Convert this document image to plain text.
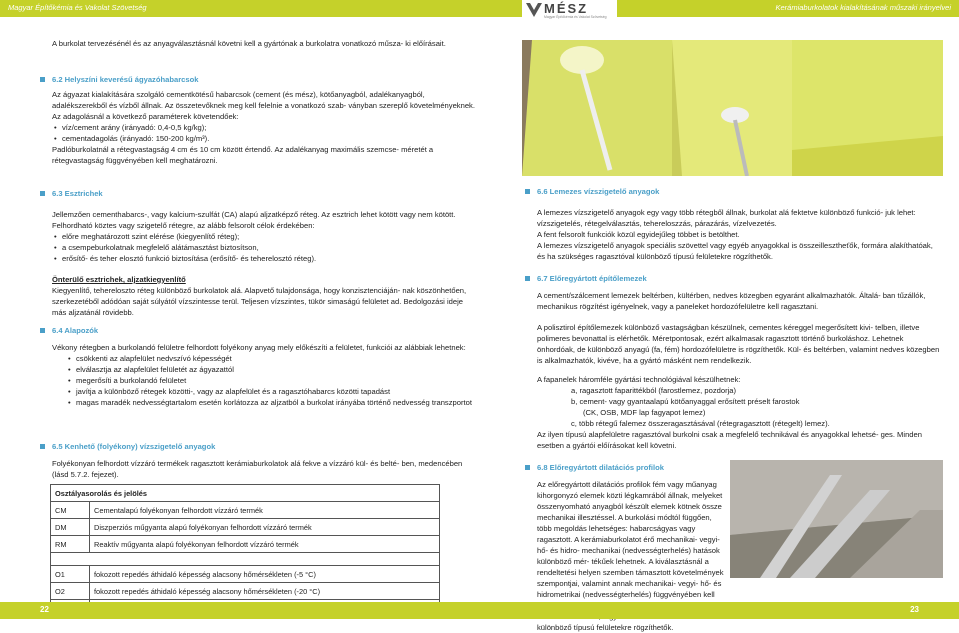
Magyar Építőkémia és Vakolat Szövetség	Kerámiaburkolatok kialakításának műszaki irányelvei
MÉSZ
Magyar Építőkémia és Vakolat Szövetség

A burkolat tervezésénél és az anyagválasztásnál követni kell a gyártónak a burkolatra vonatkozó műsza- ki előírásait.

6.2 Helyszíni keverésű ágyazóhabarcsok

Az ágyazat kialakítására szolgáló cementkötésű habarcsok (cement (és mész), kötőanyagból, adalékanyagból, adalékszerekből és vízből állnak. Az összetevőknek meg kell felelnie a vonatkozó szab- ványban szereplő követelményeknek.

Az adagolásnál a következő paraméterek követendőek:

• víz/cement arány (irányadó: 0,4-0,5 kg/kg);

• cementadagolás (irányadó: 150-200 kg/m³).

Padlóburkolatnál a rétegvastagság 4 cm és 10 cm között értendő. Az adalékanyag maximális szemcse- méretét a rétegvastagság függvényében kell meghatározni.

6.3 Esztrichek

Jellemzően cementhabarcs-, vagy kalcium-szulfát (CA) alapú aljzatképző réteg. Az esztrich lehet kötött vagy nem kötött. Felhordható köztes vagy szigetelő rétegre, az alább felsorolt célok érdekében:

• előre meghatározott szint elérése (kiegyenlítő réteg);

• a csempeburkolatnak megfelelő alátámasztást biztosítson,

• erősítő- és teher elosztó funkció biztosítása (erősítő- és teherelosztó réteg).

Önterülő esztrichek, aljzatkiegyenlítő

Kiegyenlítő, tehereloszto réteg különböző burkolatok alá. Alapvető tulajdonsága, hogy konzisztenciáján- nak köszönhetően, szerkezetéből adódóan saját súlyától vízszintesse terül. Teljesen vízszintes, tükör simaságú felületet ad. Bedolgozási ideje más aljzatánál rövidebb.

6.4 Alapozók

Vékony rétegben a burkolandó felületre felhordott folyékony anyag mely előkészíti a felületet, funkciói az alábbiak lehetnek:

• csökkenti az alapfelület nedvszívó képességét

• elválasztja az alapfelület felületét az ágyazattól

• megerősíti a burkolandó felületet

• javítja a különböző rétegek közötti-, vagy az alapfelület és a ragasztóhabarcs közötti tapadást

• magas maradék nedvességtartalom esetén korlátozza az aljzatból a burkolat irányába történő nedvesség transzportot

6.5 Kenhető (folyékony) vízszigetelő anyagok

Folyékonyan felhordott vízzáró termékek ragasztott kerámiaburkolatok alá fekve a vízzáró kül- és belté- ben, medencében (lásd 5.7.2. fejezet).

Osztályasorolás és jelölés	
CM	Cementalapú folyékonyan felhordott vízzáró termék
DM	Diszperziós műgyanta alapú folyékonyan felhordott vízzáró termék
RM	Reaktív műgyanta alapú folyékonyan felhordott vízzáró termék

O1	fokozott repedés áthidaló képesség alacsony hőmérsékleten (-5 °C)
O2	fokozott repedés áthidaló képesség alacsony hőmérsékleten (-20 °C)

6.6 Lemezes vízszigetelő anyagok

A lemezes vízszigetelő anyagok egy vagy több rétegből állnak, burkolat alá fektetve különböző funkció- juk lehet: vízszigetelés, rétegelválasztás, tehereloszzás, párazárás, vízelvezetés.

A fent felsorolt funkciók közül egyidejűleg többet is betölthet.

A lemezes vízszigetelő anyagok speciális szövettel vagy egyéb anyagokkal is összeillesztheťők, formára alakíthatóak, és ha szükséges ragasztóval különböző típusú felületekre rögzíthetők.

6.7 Előregyártott építőlemezek

A cement/szálcement lemezek beltérben, kültérben, nedves közegben egyaránt alkalmazhatók. Általá- ban tűzállók, mechanikus rögzítést igényelnek, vagy a paneleket hordozófelületre kell ragasztani.

A polisztirol építőlemezek különböző vastagságban készülnek, cementes kéreggel megerősített kivi- telben, illetve polimeres bevonattal is elérhetők. Méretpontosak, ezért alkalmasak ragasztott történő burkoláshoz. Lehetnek önhordóak, de különböző anyagú (fa, fém) hordozófelületre is rögzíthetők. Kül- és beltérben, valamint nedves közegben is alkalmazhatók, kivéve, ha a gyártó másként nem rendelkezik.

A fapanelek háromféle gyártási technológiával készülhetnek:

a, ragasztott faparittékból (farostlemez, pozdorja)

b, cement- vagy gyantaalapú kötőanyaggal erősített préselt farostok

(CK, OSB, MDF lap fagyapot lemez)

c, több rétegű falemez összeragasztásával (rétegragasztott (rétegelt) lemez).

Az ilyen típusú alapfelületre ragasztóval burkolni csak a megfelelő technikával és anyagokkal lehetsé- ges. Minden esetben a gyártói előírásokat kell követni.

6.8 Előregyártott dilatációs profilok

Az előregyártott dilatációs profilok fém vagy műanyag kihorgonyzó elemek közti légkamrából állnak, melyeket összenyomható anyagból készült elemek kötnek össze mechanikai illesztéssel. A burkolási módtól függően, több megoldás lehetséges: habarcságyas vagy ragasztott. A kerámiaburkolatot érő mechanikai- vegyi- hő- és hidro- mechanikai (nedvességterhelés) hatások különböző mér- tékűek lehetnek. A kiválasztásnál a rendeltetési helyen szemben támasztott követelmények szempontjai, valamint annak mechanikai- vegyi- hő- és hidrometrikai (nedvességterhelés) függvényében kell különböző típusú felületekre rögzíthetők.

22	23
